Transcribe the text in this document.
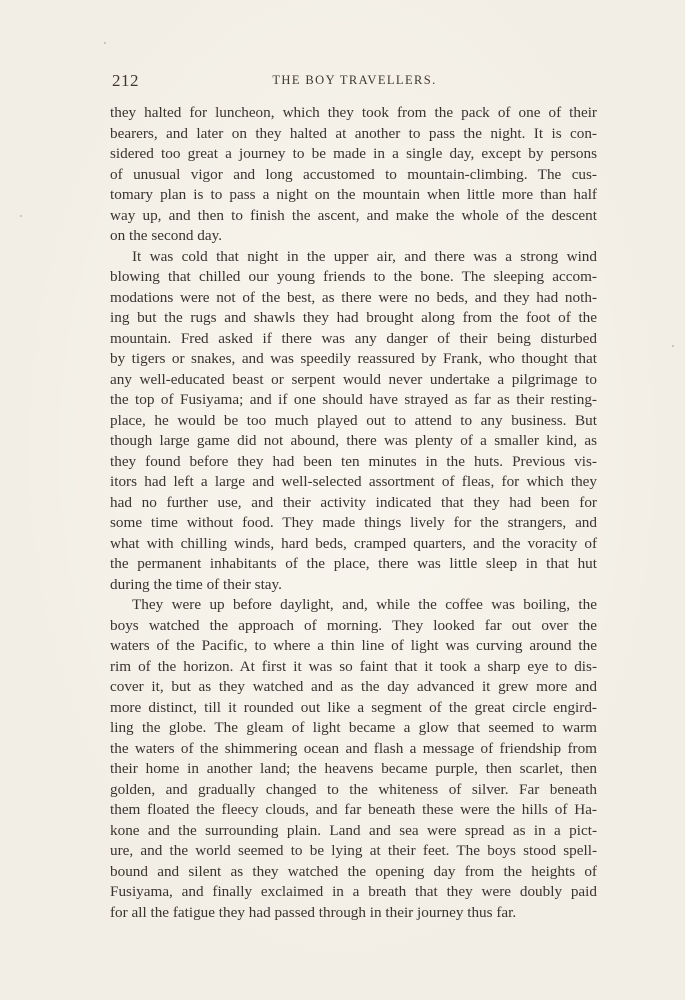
212	THE BOY TRAVELLERS.
they halted for luncheon, which they took from the pack of one of their
bearers, and later on they halted at another to pass the night. It is con-
sidered too great a journey to be made in a single day, except by persons
of unusual vigor and long accustomed to mountain-climbing. The cus-
tomary plan is to pass a night on the mountain when little more than half
way up, and then to finish the ascent, and make the whole of the descent
on the second day.
It was cold that night in the upper air, and there was a strong wind
blowing that chilled our young friends to the bone. The sleeping accom-
modations were not of the best, as there were no beds, and they had noth-
ing but the rugs and shawls they had brought along from the foot of the
mountain. Fred asked if there was any danger of their being disturbed
by tigers or snakes, and was speedily reassured by Frank, who thought that
any well-educated beast or serpent would never undertake a pilgrimage to
the top of Fusiyama; and if one should have strayed as far as their resting-
place, he would be too much played out to attend to any business. But
though large game did not abound, there was plenty of a smaller kind, as
they found before they had been ten minutes in the huts. Previous vis-
itors had left a large and well-selected assortment of fleas, for which they
had no further use, and their activity indicated that they had been for
some time without food. They made things lively for the strangers, and
what with chilling winds, hard beds, cramped quarters, and the voracity of
the permanent inhabitants of the place, there was little sleep in that hut
during the time of their stay.
They were up before daylight, and, while the coffee was boiling, the
boys watched the approach of morning. They looked far out over the
waters of the Pacific, to where a thin line of light was curving around the
rim of the horizon. At first it was so faint that it took a sharp eye to dis-
cover it, but as they watched and as the day advanced it grew more and
more distinct, till it rounded out like a segment of the great circle engird-
ling the globe. The gleam of light became a glow that seemed to warm
the waters of the shimmering ocean and flash a message of friendship from
their home in another land; the heavens became purple, then scarlet, then
golden, and gradually changed to the whiteness of silver. Far beneath
them floated the fleecy clouds, and far beneath these were the hills of Ha-
kone and the surrounding plain. Land and sea were spread as in a pict-
ure, and the world seemed to be lying at their feet. The boys stood spell-
bound and silent as they watched the opening day from the heights of
Fusiyama, and finally exclaimed in a breath that they were doubly paid
for all the fatigue they had passed through in their journey thus far.
